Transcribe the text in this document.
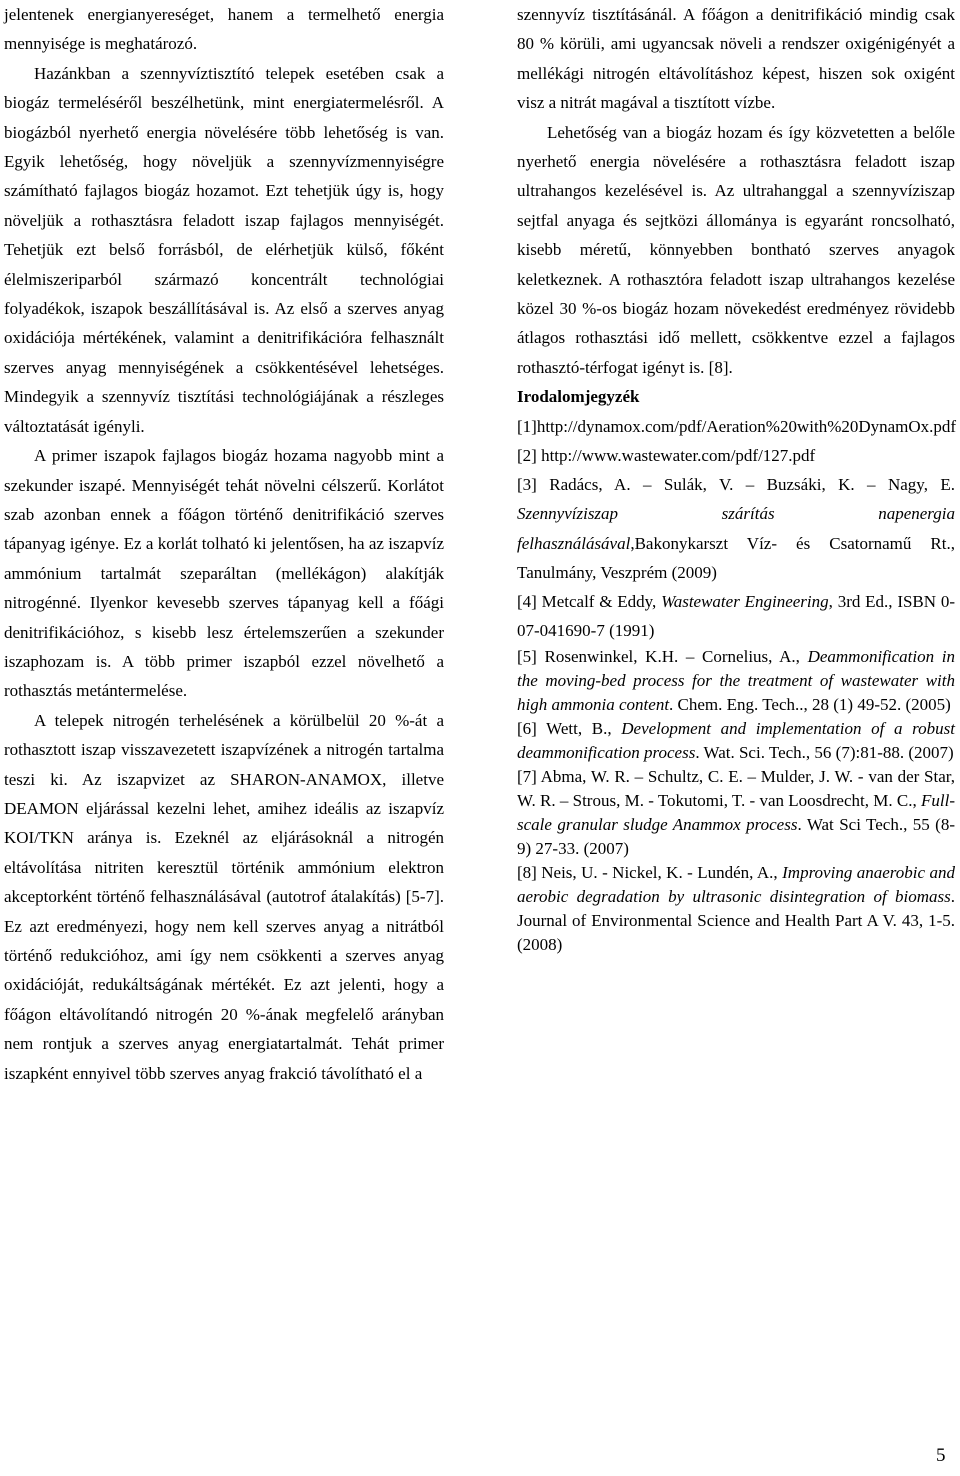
jelentenek energianyereséget, hanem a termelhető energia mennyisége is meghatározó.

Hazánkban a szennyvíztisztító telepek esetében csak a biogáz termeléséről beszélhetünk, mint energiatermelésről. A biogázból nyerhető energia növelésére több lehetőség is van. Egyik lehetőség, hogy növeljük a szennyvízmennyiségre számítható fajlagos biogáz hozamot. Ezt tehetjük úgy is, hogy növeljük a rothasztásra feladott iszap fajlagos mennyiségét. Tehetjük ezt belső forrásból, de elérhetjük külső, főként élelmiszeriparból származó koncentrált technológiai folyadékok, iszapok beszállításával is. Az első a szerves anyag oxidációja mértékének, valamint a denitrifikációra felhasznált szerves anyag mennyiségének a csökkentésével lehetséges. Mindegyik a szennyvíz tisztítási technológiájának a részleges változtatását igényli.

A primer iszapok fajlagos biogáz hozama nagyobb mint a szekunder iszapé. Mennyiségét tehát növelni célszerű. Korlátot szab azonban ennek a főágon történő denitrifikáció szerves tápanyag igénye. Ez a korlát tolható ki jelentősen, ha az iszapvíz ammónium tartalmát szeparáltan (mellékágon) alakítják nitrogénné. Ilyenkor kevesebb szerves tápanyag kell a főági denitrifikációhoz, s kisebb lesz értelemszerűen a szekunder iszaphozam is. A több primer iszapból ezzel növelhető a rothasztás metántermelése.

A telepek nitrogén terhelésének a körülbelül 20 %-át a rothasztott iszap visszavezetett iszapvízének a nitrogén tartalma teszi ki. Az iszapvizet az SHARON-ANAMOX, illetve DEAMON eljárással kezelni lehet, amihez ideális az iszapvíz KOI/TKN aránya is. Ezeknél az eljárásoknál a nitrogén eltávolítása nitriten keresztül történik ammónium elektron akceptorként történő felhasználásával (autotrof átalakítás) [5-7]. Ez azt eredményezi, hogy nem kell szerves anyag a nitrátból történő redukcióhoz, ami így nem csökkenti a szerves anyag oxidációját, redukáltságának mértékét. Ez azt jelenti, hogy a főágon eltávolítandó nitrogén 20 %-ának megfelelő arányban nem rontjuk a szerves anyag energiatartalmát. Tehát primer iszapként ennyivel több szerves anyag frakció távolítható el a

szennyvíz tisztításánál. A főágon a denitrifikáció mindig csak 80 % körüli, ami ugyancsak növeli a rendszer oxigénigényét a mellékági nitrogén eltávolításhoz képest, hiszen sok oxigént visz a nitrát magával a tisztított vízbe.

Lehetőség van a biogáz hozam és így közvetetten a belőle nyerhető energia növelésére a rothasztásra feladott iszap ultrahangos kezelésével is. Az ultrahanggal a szennyvíziszap sejtfal anyaga és sejtközi állománya is egyaránt roncsolható, kisebb méretű, könnyebben bontható szerves anyagok keletkeznek. A rothasztóra feladott iszap ultrahangos kezelése közel 30 %-os biogáz hozam növekedést eredményez rövidebb átlagos rothasztási idő mellett, csökkentve ezzel a fajlagos rothasztó-térfogat igényt is. [8].

Irodalomjegyzék

[1]http://dynamox.com/pdf/Aeration%20with%20DynamOx.pdf

[2] http://www.wastewater.com/pdf/127.pdf

[3] Radács, A. – Sulák, V. – Buzsáki, K. – Nagy, E. Szennyvíziszap szárítás napenergia felhasználásával,Bakonykarszt Víz- és Csatornamű Rt., Tanulmány, Veszprém (2009)

[4] Metcalf & Eddy, Wastewater Engineering, 3rd Ed., ISBN 0-07-041690-7 (1991)

[5] Rosenwinkel, K.H. – Cornelius, A., Deammonification in the moving-bed process for the treatment of wastewater with high ammonia content. Chem. Eng. Tech.., 28 (1) 49-52. (2005)

[6] Wett, B., Development and implementation of a robust deammonification process. Wat. Sci. Tech., 56 (7):81-88. (2007)

[7] Abma, W. R. – Schultz, C. E. – Mulder, J. W. - van der Star, W. R. – Strous, M. - Tokutomi, T. - van Loosdrecht, M. C., Full-scale granular sludge Anammox process. Wat Sci Tech., 55 (8-9) 27-33. (2007)

[8] Neis, U. - Nickel, K. - Lundén, A., Improving anaerobic and aerobic degradation by ultrasonic disintegration of biomass. Journal of Environmental Science and Health Part A V. 43, 1-5. (2008)

5
